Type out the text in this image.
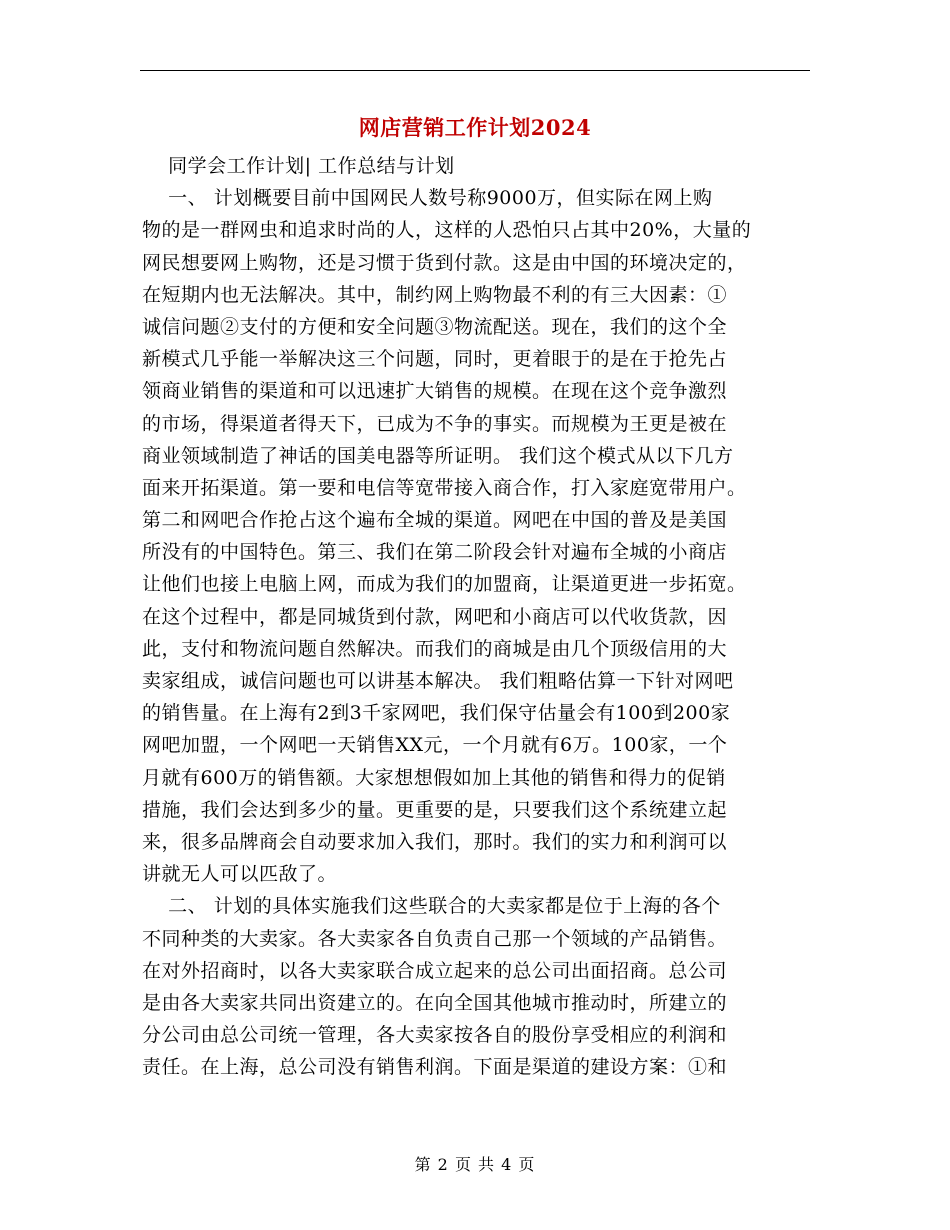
网店营销工作计划2024
同学会工作计划| 工作总结与计划
一、 计划概要目前中国网民人数号称9000万，但实际在网上购
物的是一群网虫和追求时尚的人，这样的人恐怕只占其中20%，大量的
网民想要网上购物，还是习惯于货到付款。这是由中国的环境决定的，
在短期内也无法解决。其中，制约网上购物最不利的有三大因素：①
诚信问题②支付的方便和安全问题③物流配送。现在，我们的这个全
新模式几乎能一举解决这三个问题，同时，更着眼于的是在于抢先占
领商业销售的渠道和可以迅速扩大销售的规模。在现在这个竞争激烈
的市场，得渠道者得天下，已成为不争的事实。而规模为王更是被在
商业领域制造了神话的国美电器等所证明。 我们这个模式从以下几方
面来开拓渠道。第一要和电信等宽带接入商合作，打入家庭宽带用户。
第二和网吧合作抢占这个遍布全城的渠道。网吧在中国的普及是美国
所没有的中国特色。第三、我们在第二阶段会针对遍布全城的小商店
让他们也接上电脑上网，而成为我们的加盟商，让渠道更进一步拓宽。
在这个过程中，都是同城货到付款，网吧和小商店可以代收货款，因
此，支付和物流问题自然解决。而我们的商城是由几个顶级信用的大
卖家组成，诚信问题也可以讲基本解决。 我们粗略估算一下针对网吧
的销售量。在上海有2到3千家网吧，我们保守估量会有100到200家
网吧加盟，一个网吧一天销售XX元，一个月就有6万。100家，一个
月就有600万的销售额。大家想想假如加上其他的销售和得力的促销
措施，我们会达到多少的量。更重要的是，只要我们这个系统建立起
来，很多品牌商会自动要求加入我们，那时。我们的实力和利润可以
讲就无人可以匹敌了。
二、 计划的具体实施我们这些联合的大卖家都是位于上海的各个
不同种类的大卖家。各大卖家各自负责自己那一个领域的产品销售。
在对外招商时，以各大卖家联合成立起来的总公司出面招商。总公司
是由各大卖家共同出资建立的。在向全国其他城市推动时，所建立的
分公司由总公司统一管理，各大卖家按各自的股份享受相应的利润和
责任。在上海，总公司没有销售利润。下面是渠道的建设方案：①和
第 2 页 共 4 页
